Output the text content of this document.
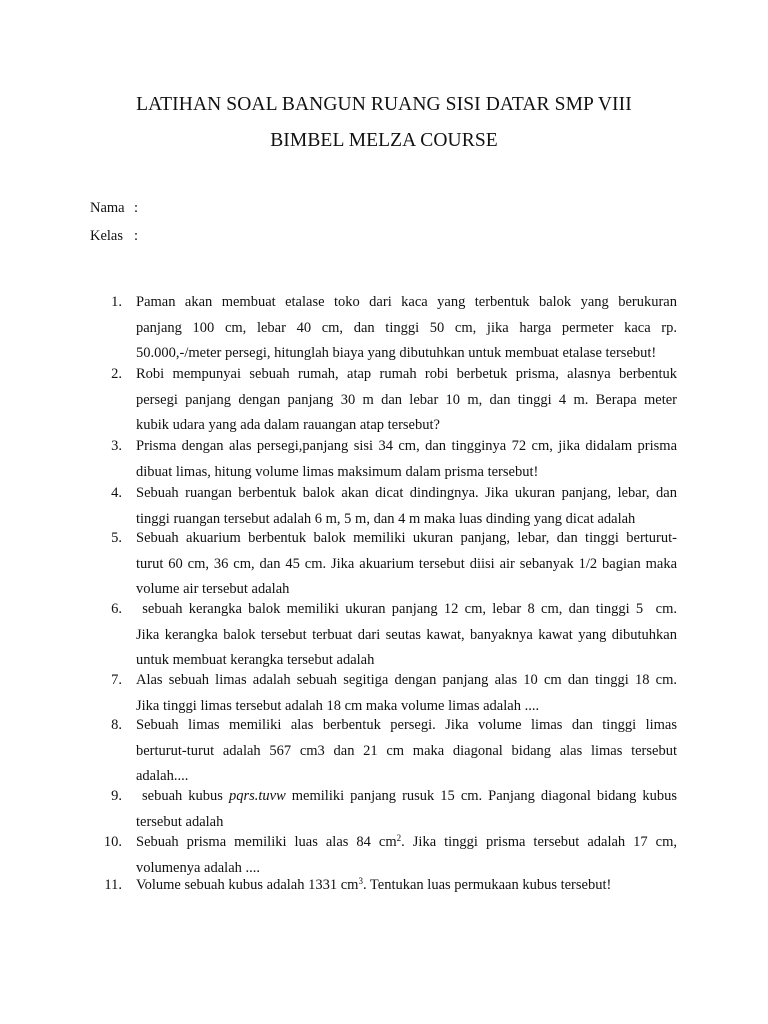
LATIHAN SOAL BANGUN RUANG SISI DATAR SMP VIII
BIMBEL MELZA COURSE
Nama :
Kelas :
1. Paman akan membuat etalase toko dari kaca yang terbentuk balok yang berukuran
panjang 100 cm, lebar 40 cm, dan tinggi 50 cm, jika harga permeter kaca rp.
50.000,-/meter persegi, hitunglah biaya yang dibutuhkan untuk membuat etalase tersebut!
2. Robi mempunyai sebuah rumah, atap rumah robi berbetuk prisma, alasnya berbentuk
persegi panjang dengan panjang 30 m dan lebar 10 m, dan tinggi 4 m. Berapa meter
kubik udara yang ada dalam rauangan atap tersebut?
3. Prisma dengan alas persegi,panjang sisi 34 cm, dan tingginya 72 cm, jika didalam prisma
dibuat limas, hitung volume limas maksimum dalam prisma tersebut!
4. Sebuah ruangan berbentuk balok akan dicat dindingnya. Jika ukuran panjang, lebar, dan
tinggi ruangan tersebut adalah 6 m, 5 m, dan 4 m maka luas dinding yang dicat adalah
5. Sebuah akuarium berbentuk balok memiliki ukuran panjang, lebar, dan tinggi berturut-
turut 60 cm, 36 cm, dan 45 cm. Jika akuarium tersebut diisi air sebanyak 1/2 bagian maka
volume air tersebut adalah
6. sebuah kerangka balok memiliki ukuran panjang 12 cm, lebar 8 cm, dan tinggi 5  cm.
Jika kerangka balok tersebut terbuat dari seutas kawat, banyaknya kawat yang dibutuhkan
untuk membuat kerangka tersebut adalah
7. Alas sebuah limas adalah sebuah segitiga dengan panjang alas 10 cm dan tinggi 18 cm.
Jika tinggi limas tersebut adalah 18 cm maka volume limas adalah ....
8. Sebuah limas memiliki alas berbentuk persegi. Jika volume limas dan tinggi limas
berturut-turut adalah 567 cm3 dan 21 cm maka diagonal bidang alas limas tersebut
adalah....
9. sebuah kubus pqrs.tuvw memiliki panjang rusuk 15 cm. Panjang diagonal bidang kubus
tersebut adalah
10. Sebuah prisma memiliki luas alas 84 $cm^2$. Jika tinggi prisma tersebut adalah 17 cm,
volumenya adalah ....
11. Volume sebuah kubus adalah 1331 $cm^3$. Tentukan luas permukaan kubus tersebut!
